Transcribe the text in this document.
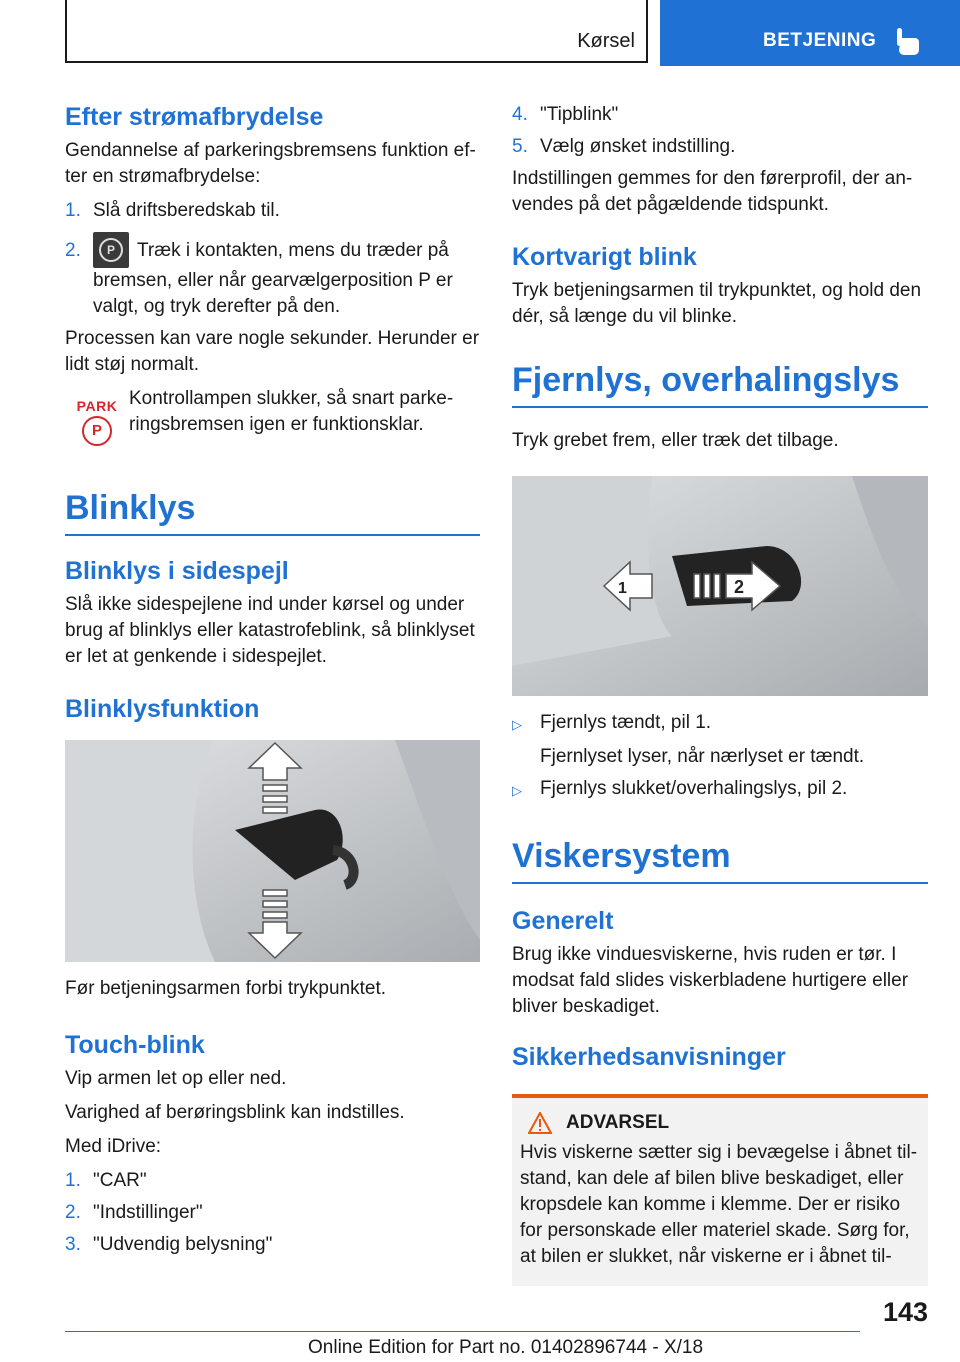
Kørsel	BETJENING
Efter strømafbrydelse

Gendannelse af parkeringsbremsens funktion ef-ter en strømafbrydelse:

1. Slå driftsberedskab til.
2.	P	Træk i kontakten, mens du træder på bremsen, eller når gearvælgerposition P er valgt, og tryk derefter på den.

Processen kan vare nogle sekunder. Herunder er lidt støj normalt.

PARK
P

Kontrollampen slukker, så snart parke-ringsbremsen igen er funktionsklar.

Blinklys
Blinklys i sidespejl

Slå ikke sidespejlene ind under kørsel og under brug af blinklys eller katastrofeblink, så blinklyset er let at genkende i sidespejlet.

Blinklysfunktion

Før betjeningsarmen forbi trykpunktet.

Touch-blink

Vip armen let op eller ned.

Varighed af berøringsblink kan indstilles.

Med iDrive:

1. "CAR"
2. "Indstillinger"
3. "Udvendig belysning"
4. "Tipblink"
5. Vælg ønsket indstilling.

Indstillingen gemmes for den førerprofil, der an-vendes på det pågældende tidspunkt.

Kortvarigt blink

Tryk betjeningsarmen til trykpunktet, og hold den dér, så længe du vil blinke.

Fjernlys, overhalingslys

Tryk grebet frem, eller træk det tilbage.

1	2
▷ Fjernlys tændt, pil 1.
Fjernlyset lyser, når nærlyset er tændt.
▷ Fjernlys slukket/overhalingslys, pil 2.
Viskersystem
Generelt

Brug ikke vinduesviskerne, hvis ruden er tør. I modsat fald slides viskerbladene hurtigere eller bliver beskadiget.

Sikkerhedsanvisninger
ADVARSEL

Hvis viskerne sætter sig i bevægelse i åbnet til-stand, kan dele af bilen blive beskadiget, eller kropsdele kan komme i klemme. Der er risiko for personskade eller materiel skade. Sørg for, at bilen er slukket, når viskerne er i åbnet til-

143
Online Edition for Part no. 01402896744 - X/18
